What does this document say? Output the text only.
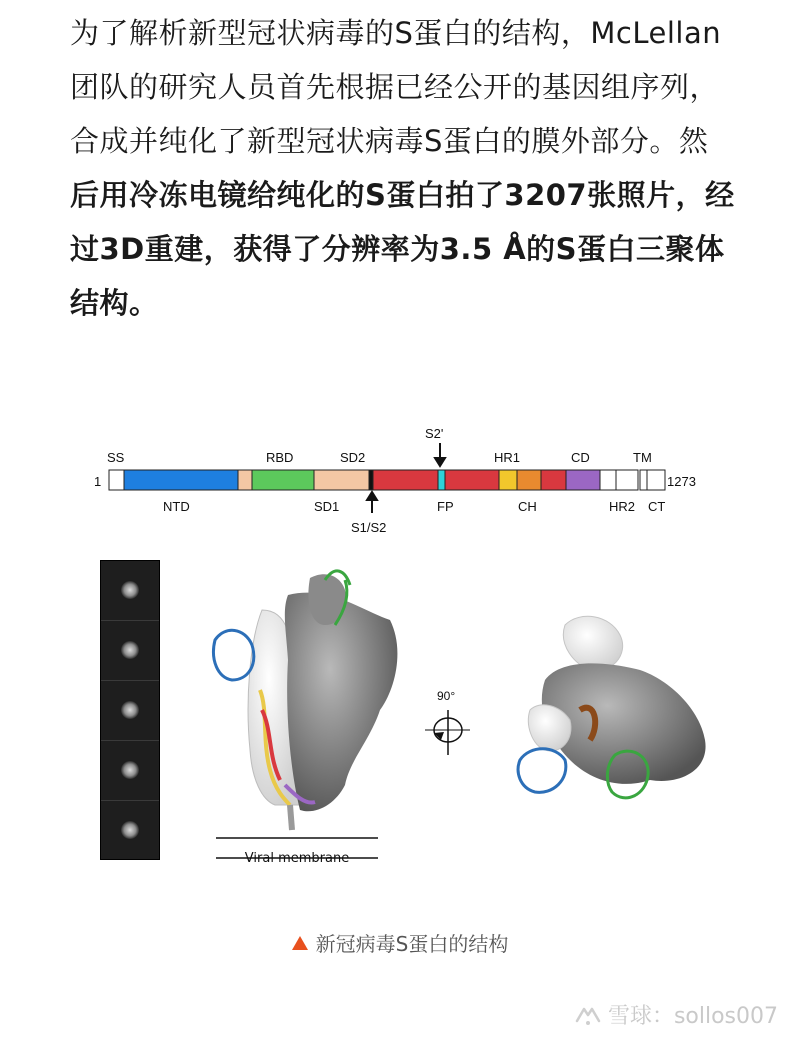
为了解析新型冠状病毒的S蛋白的结构，McLellan团队的研究人员首先根据已经公开的基因组序列，合成并纯化了新型冠状病毒S蛋白的膜外部分。然

后用冷冻电镜给纯化的S蛋白拍了3207张照片，经过3D重建，获得了分辨率为3.5 Å的S蛋白三聚体结构。

1	1273
SS	RBD	SD2	HR1	CD	TM
NTD	SD1	FP	CH	HR2 CT
S1/S2
S2'
90°
Viral membrane
新冠病毒S蛋白的结构
雪球：sollos007
